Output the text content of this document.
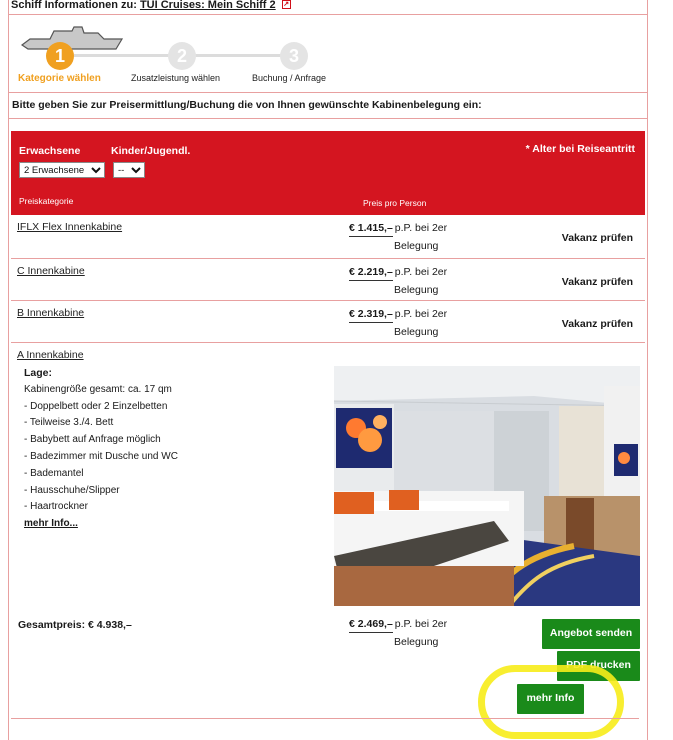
Schiff Informationen zu: TUI Cruises: Mein Schiff 2 ↗
1
Kategorie wählen
2
Zusatzleistung wählen
3
Buchung / Anfrage
Bitte geben Sie zur Preisermittlung/Buchung die von Ihnen gewünschte Kabinenbelegung ein:
Erwachsene	Kinder/Jugendl.	* Alter bei Reiseantritt
2 Erwachsene
--
Preiskategorie	Preis pro Person
IFLX Flex Innenkabine	€ 1.415,– p.P. bei 2er
Belegung
Vakanz prüfen
C Innenkabine	€ 2.219,– p.P. bei 2er
Belegung
Vakanz prüfen
B Innenkabine	€ 2.319,– p.P. bei 2er
Belegung
Vakanz prüfen
A Innenkabine
Lage:
Kabinengröße gesamt: ca. 17 qm
- Doppelbett oder 2 Einzelbetten
- Teilweise 3./4. Bett
- Babybett auf Anfrage möglich
- Badezimmer mit Dusche und WC
- Bademantel
- Hausschuhe/Slipper
- Haartrockner
mehr Info...
Gesamtpreis: € 4.938,–	€ 2.469,– p.P. bei 2er
Belegung
Angebot senden
PDF drucken
mehr Info
